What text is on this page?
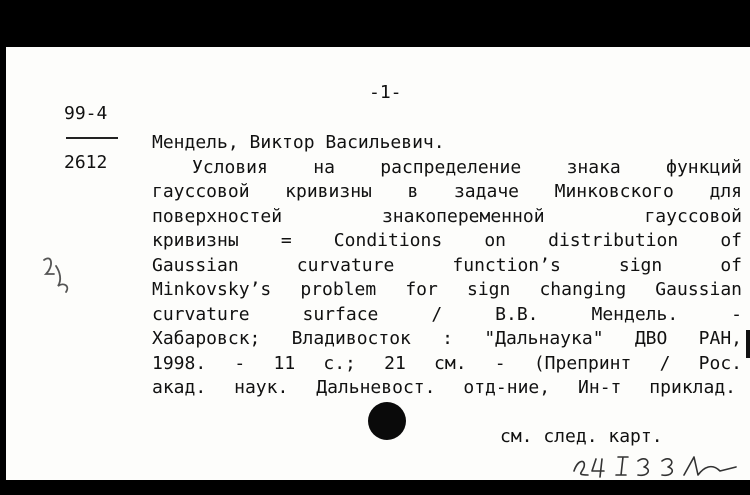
-1-
99-4
2612
Мендель, Виктор Васильевич.
Условия на распределение знака функций
гауссовой кривизны в задаче Минковского для
поверхностей знакопеременной гауссовой
кривизны = Conditions on distribution of
Gaussian curvature function’s sign of
Minkovsky’s problem for sign changing Gaussian
curvature surface / В.В. Мендель. -
Хабаровск; Владивосток : "Дальнаука" ДВО РАН,
1998. - 11 с.; 21 см. - (Препринт / Рос.
акад. наук. Дальневост. отд-ние, Ин-т приклад.
см. след. карт.
